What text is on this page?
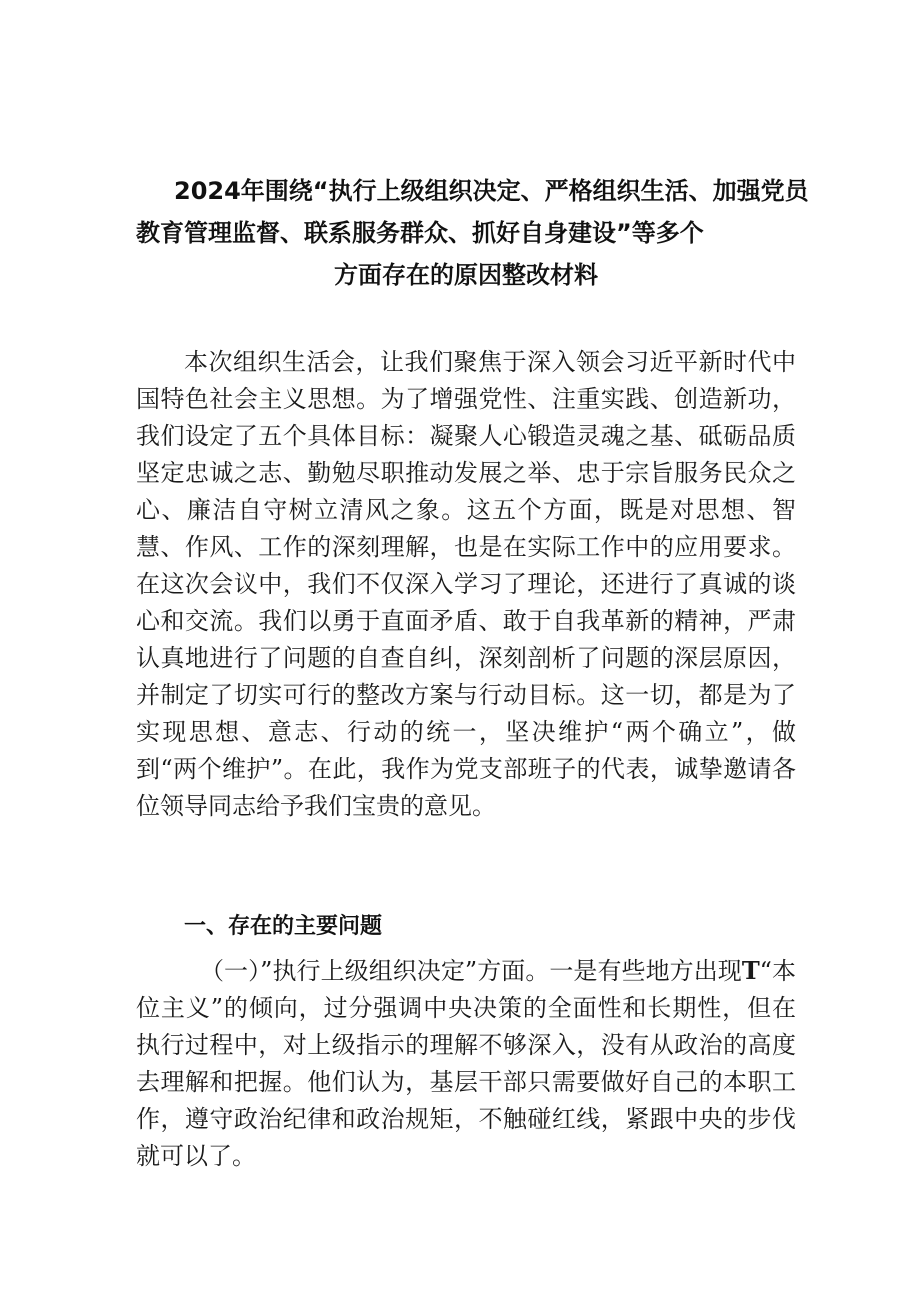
2024年围绕“执行上级组织决定、严格组织生活、加强党员
教育管理监督、联系服务群众、抓好自身建设”等多个
方面存在的原因整改材料

本次组织生活会，让我们聚焦于深入领会习近平新时代中国特色社会主义思想。为了增强党性、注重实践、创造新功，我们设定了五个具体目标：凝聚人心锻造灵魂之基、砥砺品质坚定忠诚之志、勤勉尽职推动发展之举、忠于宗旨服务民众之心、廉洁自守树立清风之象。这五个方面，既是对思想、智慧、作风、工作的深刻理解，也是在实际工作中的应用要求。在这次会议中，我们不仅深入学习了理论，还进行了真诚的谈心和交流。我们以勇于直面矛盾、敢于自我革新的精神，严肃认真地进行了问题的自查自纠，深刻剖析了问题的深层原因，并制定了切实可行的整改方案与行动目标。这一切，都是为了实现思想、意志、行动的统一，坚决维护“两个确立”，做到“两个维护”。在此，我作为党支部班子的代表，诚挚邀请各位领导同志给予我们宝贵的意见。

一、存在的主要问题

（一）”执行上级组织决定”方面。一是有些地方出现T“本位主义”的倾向，过分强调中央决策的全面性和长期性，但在执行过程中，对上级指示的理解不够深入，没有从政治的高度去理解和把握。他们认为，基层干部只需要做好自己的本职工作，遵守政治纪律和政治规矩，不触碰红线，紧跟中央的步伐就可以了。
